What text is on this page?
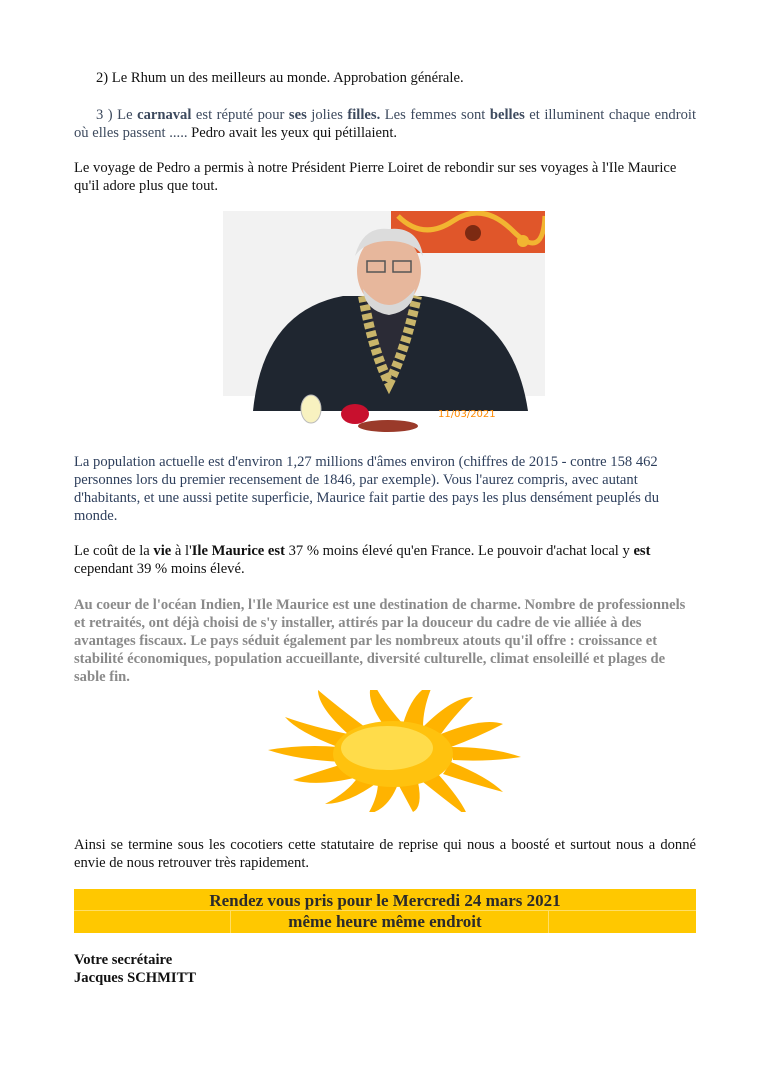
2) Le Rhum un des meilleurs au monde. Approbation générale.
3 ) Le carnaval est réputé pour ses jolies filles. Les femmes sont belles et illuminent chaque endroit où elles passent ..... Pedro avait les yeux qui pétillaient.
Le voyage de Pedro a permis à notre Président Pierre Loiret de rebondir sur ses voyages à l'Ile Maurice qu'il adore plus que tout.
11/03/2021
La population actuelle est d'environ 1,27 millions d'âmes environ (chiffres de 2015 - contre 158 462 personnes lors du premier recensement de 1846, par exemple). Vous l'aurez compris, avec autant d'habitants, et une aussi petite superficie, Maurice fait partie des pays les plus densément peuplés du monde.
Le coût de la vie à l'Ile Maurice est 37 % moins élevé qu'en France. Le pouvoir d'achat local y est cependant 39 % moins élevé.
Au coeur de l'océan Indien, l'Ile Maurice est une destination de charme. Nombre de professionnels et retraités, ont déjà choisi de s'y installer, attirés par la douceur du cadre de vie alliée à des avantages fiscaux. Le pays séduit également par les nombreux atouts qu'il offre : croissance et stabilité économiques, population accueillante, diversité culturelle, climat ensoleillé et plages de sable fin.
Ainsi se termine sous les cocotiers cette statutaire de reprise qui nous a boosté et surtout nous a donné envie de nous retrouver très rapidement.
Rendez vous pris pour le Mercredi 24 mars 2021
même heure même endroit
Votre secrétaire
Jacques SCHMITT
